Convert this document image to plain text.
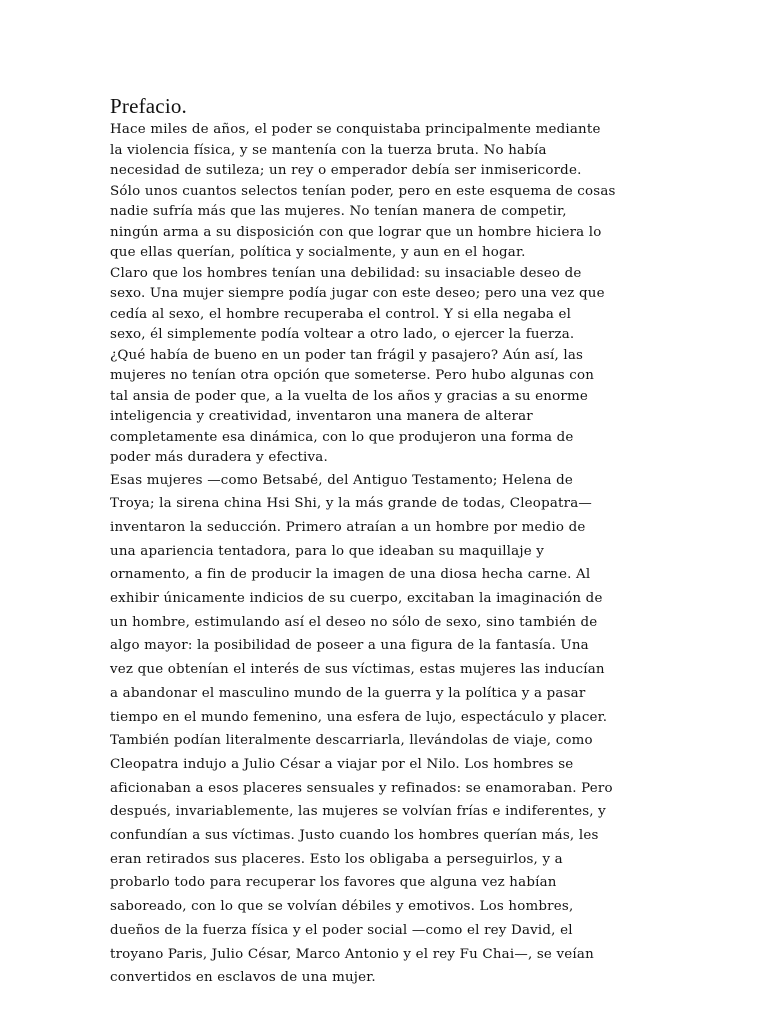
Prefacio.

Hace miles de años, el poder se conquistaba principalmente mediante
la violencia física, y se mantenía con la tuerza bruta. No había
necesidad de sutileza; un rey o emperador debía ser inmisericorde.
Sólo unos cuantos selectos tenían poder, pero en este esquema de cosas
nadie sufría más que las mujeres. No tenían manera de competir,
ningún arma a su disposición con que lograr que un hombre hiciera lo
que ellas querían, política y socialmente, y aun en el hogar.

Claro que los hombres tenían una debilidad: su insaciable deseo de
sexo. Una mujer siempre podía jugar con este deseo; pero una vez que
cedía al sexo, el hombre recuperaba el control. Y si ella negaba el
sexo, él simplemente podía voltear a otro lado, o ejercer la fuerza.
¿Qué había de bueno en un poder tan frágil y pasajero? Aún así, las
mujeres no tenían otra opción que someterse. Pero hubo algunas con
tal ansia de poder que, a la vuelta de los años y gracias a su enorme
inteligencia y creatividad, inventaron una manera de alterar
completamente esa dinámica, con lo que produjeron una forma de
poder más duradera y efectiva.

Esas mujeres —como Betsabé, del Antiguo Testamento; Helena de
Troya; la sirena china Hsi Shi, y la más grande de todas, Cleopatra—
inventaron la seducción. Primero atraían a un hombre por medio de
una apariencia tentadora, para lo que ideaban su maquillaje y
ornamento, a fin de producir la imagen de una diosa hecha carne. Al
exhibir únicamente indicios de su cuerpo, excitaban la imaginación de
un hombre, estimulando así el deseo no sólo de sexo, sino también de
algo mayor: la posibilidad de poseer a una figura de la fantasía. Una
vez que obtenían el interés de sus víctimas, estas mujeres las inducían
a abandonar el masculino mundo de la guerra y la política y a pasar
tiempo en el mundo femenino, una esfera de lujo, espectáculo y placer.
También podían literalmente descarriarla, llevándolas de viaje, como
Cleopatra indujo a Julio César a viajar por el Nilo. Los hombres se
aficionaban a esos placeres sensuales y refinados: se enamoraban. Pero
después, invariablemente, las mujeres se volvían frías e indiferentes, y
confundían a sus víctimas. Justo cuando los hombres querían más, les
eran retirados sus placeres. Esto los obligaba a perseguirlos, y a
probarlo todo para recuperar los favores que alguna vez habían
saboreado, con lo que se volvían débiles y emotivos. Los hombres,
dueños de la fuerza física y el poder social —como el rey David, el
troyano Paris, Julio César, Marco Antonio y el rey Fu Chai—, se veían
convertidos en esclavos de una mujer.
